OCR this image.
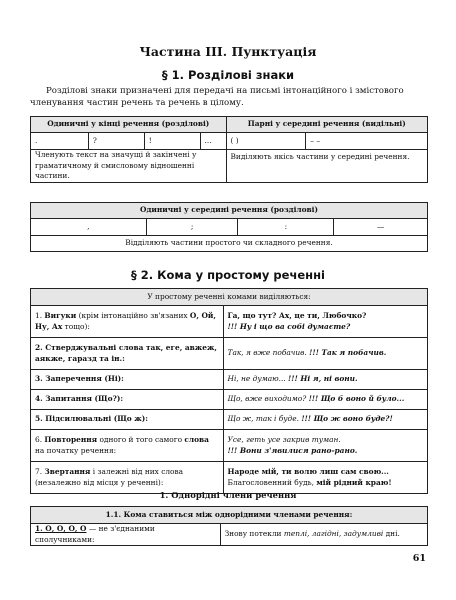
Частина III. Пунктуація
§ 1. Розділові знаки
Розділові знаки призначені для передачі на письмі інтонаційного і змістового членування частин речень та речень в цілому.
Одиничні у кінці речення (розділові)				Парні у середині речення (видільні)	
.	?	!	...	( )	– –
Членують текст на значущі й закінчені у граматичному й смисловому відношенні частини.				Виділяють якісь частини у середині речення.	
Одиничні у середині речення (розділові)
,	;	:	—
Відділяють частини простого чи складного речення.
§ 2. Кома у простому реченні
У простому реченні комами виділяються:	
1. Вигуки (крім інтонаційно зв'язаних О, Ой, Ну, Ах тощо):	Га, що тут? Ах, це ти, Любочко?
!!! Ну і що ва собі думаєте?

2. Стверджувальні слова так, еге, авжеж, аякже, гаразд та ін.:	Так, я вже побачив. !!! Так я побачив.
3. Заперечення (Ні):	Ні, не думаю... !!! Ні я, ні вони.
4. Запитання (Що?):	Що, вже виходимо? !!! Що б воно й було...
5. Підсилювальні (Що ж):	Що ж, так і буде. !!! Що ж воно буде?!
6. Повторення одного й того самого слова на початку речення:	Усе, геть усе закрив туман.
!!! Вони з'явилися рано-рано.

7. Звертання і залежні від них слова (незалежно від місця у реченні):	Народе мій, ти волю лиш сам свою...
Благословенний будь, мій рідний краю!
1. Однорідні члени речення
1.1. Кома ставиться між однорідними членами речення:
1. О, О, О, О — не з'єднаними сполучниками:	Знову потекли теплі, лагідні, задумливі дні.
61
